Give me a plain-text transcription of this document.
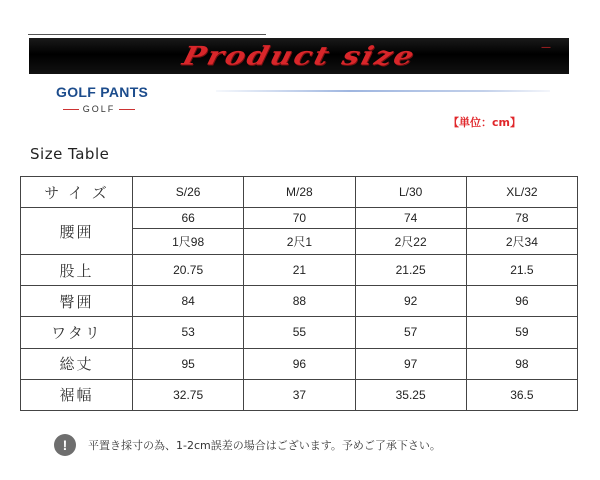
Product size	—
GOLF PANTS
GOLF
【単位：cm】
Size Table
サ イ ズ	S/26	M/28	L/30	XL/32
腰囲	66	70	74	78
	1尺98	2尺1	2尺22	2尺34
股上	20.75	21	21.25	21.5
臀囲	84	88	92	96
ワタリ	53	55	57	59
総丈	95	96	97	98
裾幅	32.75	37	35.25	36.5
!	平置き採寸の為、1-2cm誤差の場合はございます。予めご了承下さい。
